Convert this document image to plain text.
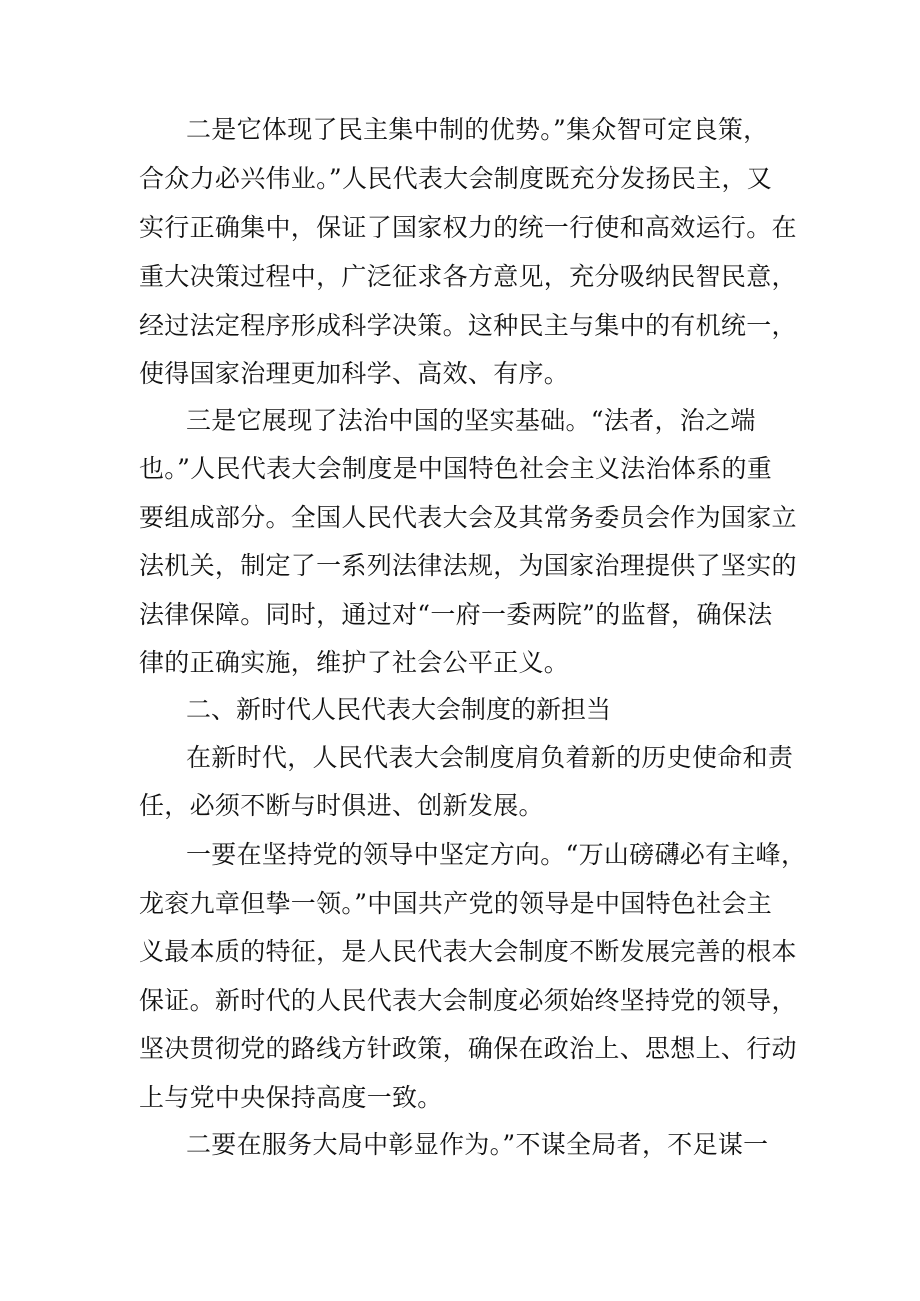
二是它体现了民主集中制的优势。”集众智可定良策，

合众力必兴伟业。”人民代表大会制度既充分发扬民主，又

实行正确集中，保证了国家权力的统一行使和高效运行。在

重大决策过程中，广泛征求各方意见，充分吸纳民智民意，

经过法定程序形成科学决策。这种民主与集中的有机统一，

使得国家治理更加科学、高效、有序。

三是它展现了法治中国的坚实基础。“法者，治之端

也。”人民代表大会制度是中国特色社会主义法治体系的重

要组成部分。全国人民代表大会及其常务委员会作为国家立

法机关，制定了一系列法律法规，为国家治理提供了坚实的

法律保障。同时，通过对“一府一委两院”的监督，确保法

律的正确实施，维护了社会公平正义。

二、新时代人民代表大会制度的新担当

在新时代，人民代表大会制度肩负着新的历史使命和责

任，必须不断与时俱进、创新发展。

一要在坚持党的领导中坚定方向。“万山磅礴必有主峰，

龙衮九章但挚一领。”中国共产党的领导是中国特色社会主

义最本质的特征，是人民代表大会制度不断发展完善的根本

保证。新时代的人民代表大会制度必须始终坚持党的领导，

坚决贯彻党的路线方针政策，确保在政治上、思想上、行动

上与党中央保持高度一致。

二要在服务大局中彰显作为。”不谋全局者，不足谋一
